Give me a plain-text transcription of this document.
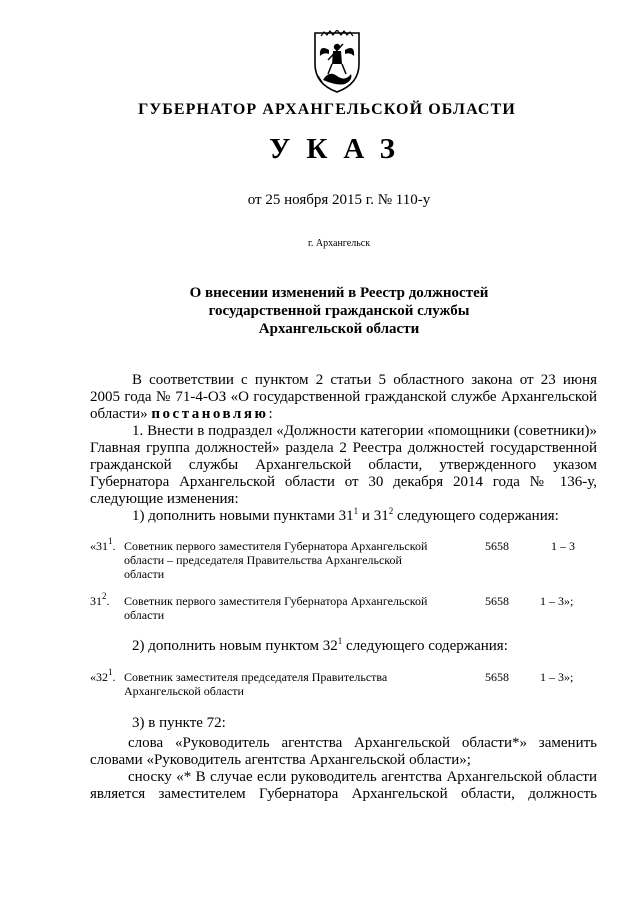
ГУБЕРНАТОР АРХАНГЕЛЬСКОЙ ОБЛАСТИ
УКАЗ
от 25 ноября 2015 г. № 110-у
г. Архангельск
О внесении изменений в Реестр должностей
государственной гражданской службы
Архангельской области
В соответствии с пунктом 2 статьи 5 областного закона от 23 июня
2005 года № 71-4-ОЗ «О государственной гражданской службе Архангельской
области» постановляю:
1. Внести в подраздел «Должности категории «помощники (советники)»
Главная группа должностей» раздела 2 Реестра должностей государственной
гражданской службы Архангельской области, утвержденного указом
Губернатора Архангельской области от 30 декабря 2014 года № 136-у,
следующие изменения:
1) дополнить новыми пунктами $31^1$ и $31^2$ следующего содержания:
«$31^1$. Советник первого заместителя Губернатора Архангельской
области – председателя Правительства Архангельской
области
5658	1 – 3
$31^2$. Советник первого заместителя Губернатора Архангельской
области
5658	1 – 3»;
2) дополнить новым пунктом $32^1$ следующего содержания:
«$32^1$. Советник заместителя председателя Правительства
Архангельской области
5658	1 – 3»;
3) в пункте 72:
слова «Руководитель агентства Архангельской области*» заменить
словами «Руководитель агентства Архангельской области»;
сноску «* В случае если руководитель агентства Архангельской области
является заместителем Губернатора Архангельской области, должность
